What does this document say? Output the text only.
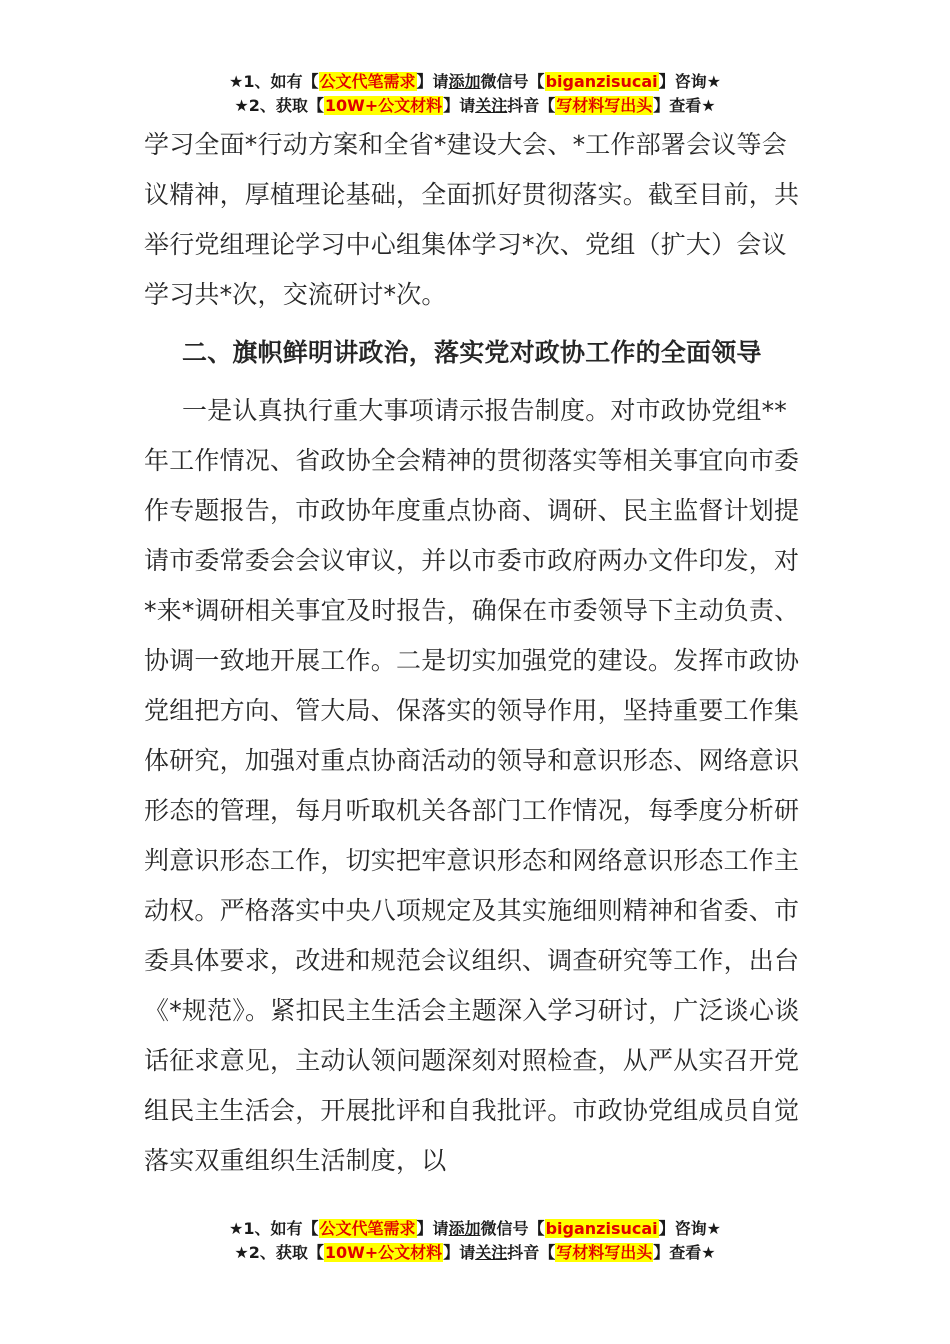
★1、如有【公文代笔需求】请添加微信号【biganzisucai】咨询★
★2、获取【10W+公文材料】请关注抖音【写材料写出头】查看★

学习全面*行动方案和全省*建设大会、*工作部署会议等会议精神，厚植理论基础，全面抓好贯彻落实。截至目前，共举行党组理论学习中心组集体学习*次、党组（扩大）会议学习共*次，交流研讨*次。

二、旗帜鲜明讲政治，落实党对政协工作的全面领导

一是认真执行重大事项请示报告制度。对市政协党组**年工作情况、省政协全会精神的贯彻落实等相关事宜向市委作专题报告，市政协年度重点协商、调研、民主监督计划提请市委常委会会议审议，并以市委市政府两办文件印发，对*来*调研相关事宜及时报告，确保在市委领导下主动负责、协调一致地开展工作。二是切实加强党的建设。发挥市政协党组把方向、管大局、保落实的领导作用，坚持重要工作集体研究，加强对重点协商活动的领导和意识形态、网络意识形态的管理，每月听取机关各部门工作情况，每季度分析研判意识形态工作，切实把牢意识形态和网络意识形态工作主动权。严格落实中央八项规定及其实施细则精神和省委、市委具体要求，改进和规范会议组织、调查研究等工作，出台《*规范》。紧扣民主生活会主题深入学习研讨，广泛谈心谈话征求意见，主动认领问题深刻对照检查，从严从实召开党组民主生活会，开展批评和自我批评。市政协党组成员自觉落实双重组织生活制度，以

★1、如有【公文代笔需求】请添加微信号【biganzisucai】咨询★
★2、获取【10W+公文材料】请关注抖音【写材料写出头】查看★
